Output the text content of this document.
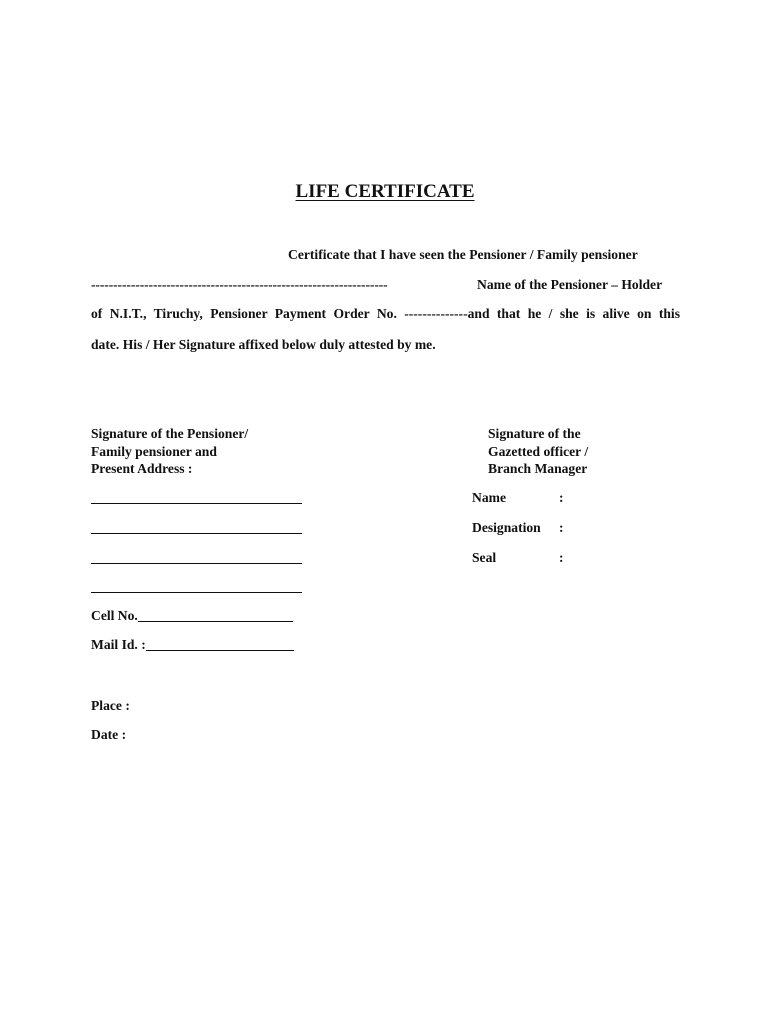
LIFE CERTIFICATE
Certificate that I have seen the Pensioner / Family pensioner
-------------------------------------------------------------------	Name of the Pensioner – Holder
of N.I.T., Tiruchy, Pensioner Payment Order No. --------------and that he / she is alive on this
date. His / Her Signature affixed below duly attested by me.
Signature of the Pensioner/
Family pensioner and
Present Address :
Signature of the
Gazetted officer /
Branch Manager
Name	:
Designation :
Seal	:
Cell No.
Mail Id. :
Place :
Date :
